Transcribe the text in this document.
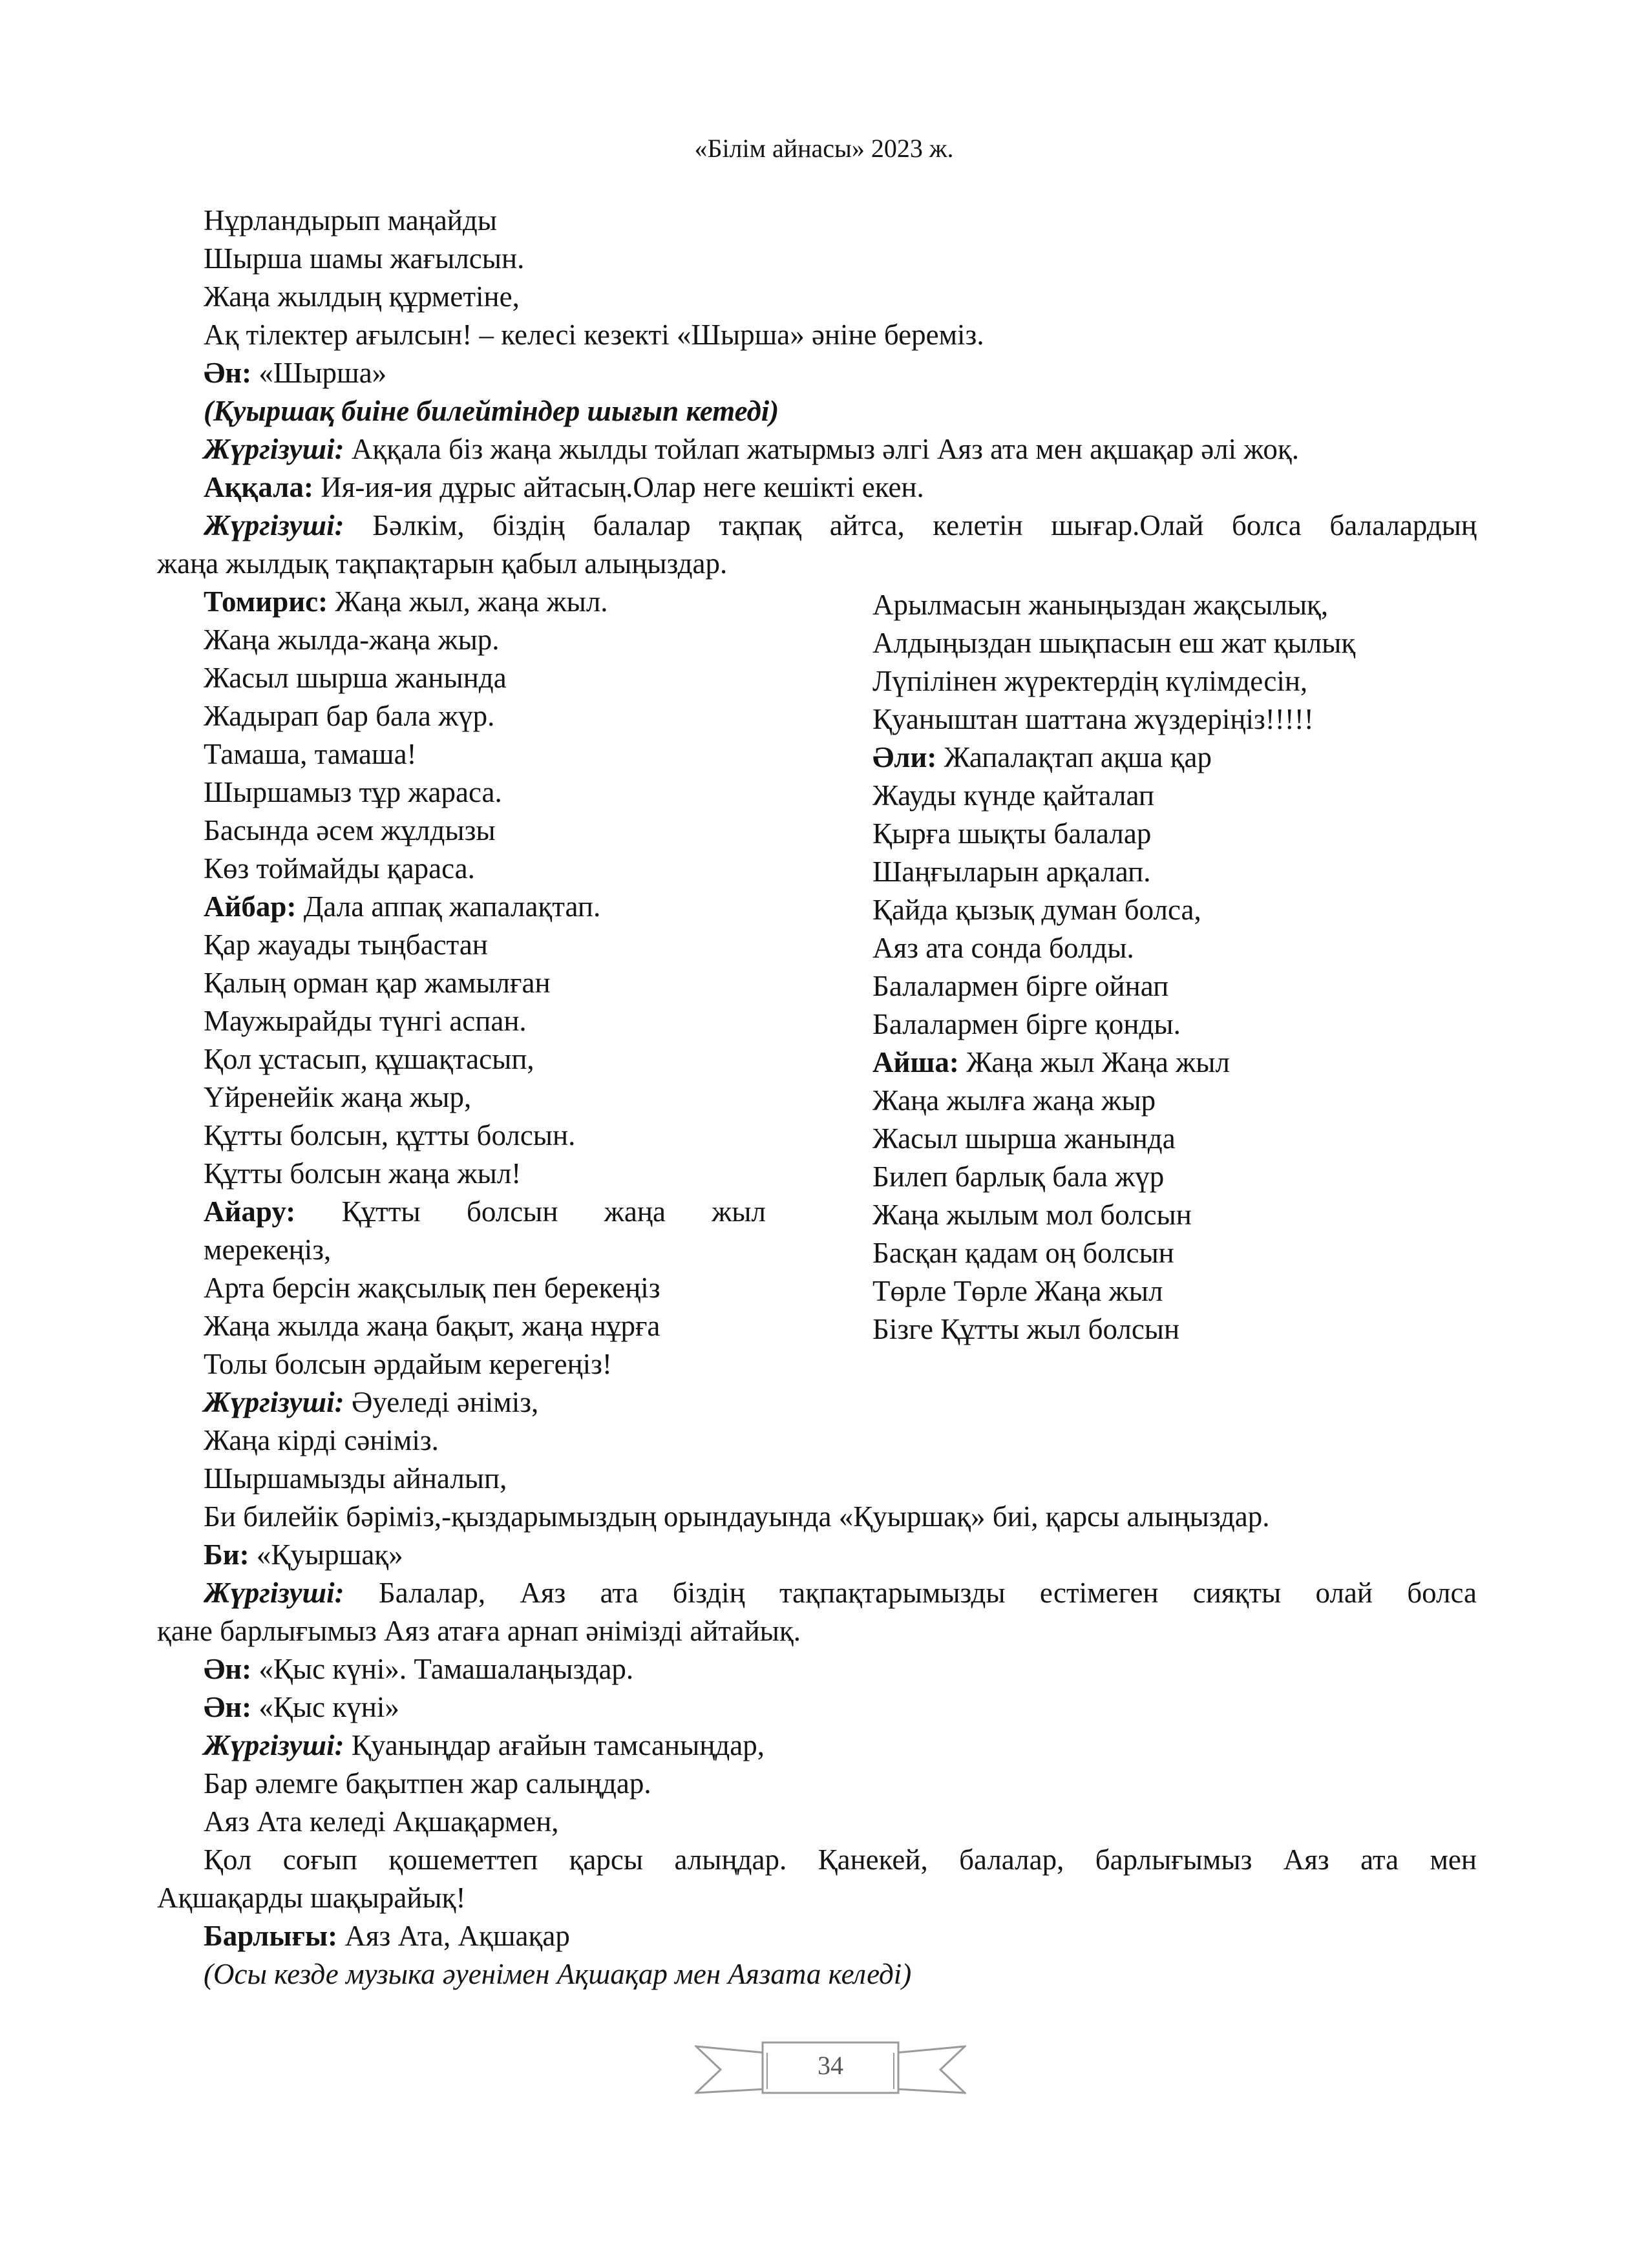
«Білім айнасы» 2023 ж.
Нұрландырып маңайды
Шырша шамы жағылсын.
Жаңа жылдың құрметіне,
Ақ тілектер ағылсын! – келесі кезекті «Шырша» әніне береміз.
Ән: «Шырша»
(Қуыршақ биіне билейтіндер шығып кетеді)
Жүргізуші: Аққала біз жаңа жылды тойлап жатырмыз әлгі Аяз ата мен ақшақар әлі жоқ.
Аққала: Ия-ия-ия дұрыс айтасың.Олар неге кешікті екен.
Жүргізуші: Бәлкім, біздің балалар тақпақ айтса, келетін шығар.Олай болса балалардың
жаңа жылдық тақпақтарын қабыл алыңыздар.
Томирис: Жаңа жыл, жаңа жыл.
Жаңа жылда-жаңа жыр.
Жасыл шырша жанында
Жадырап бар бала жүр.
Тамаша, тамаша!
Шыршамыз тұр жараса.
Басында әсем жұлдызы
Көз тоймайды қараса.
Айбар: Дала аппақ жапалақтап.
Қар жауады тыңбастан
Қалың орман қар жамылған
Маужырайды түнгі аспан.
Қол ұстасып, құшақтасып,
Үйренейік жаңа жыр,
Құтты болсын, құтты болсын.
Құтты болсын жаңа жыл!
Айару: Құтты болсын жаңа жыл
мерекеңіз,
Арта берсін жақсылық пен берекеңіз
Жаңа жылда жаңа бақыт, жаңа нұрға
Толы болсын әрдайым керегеңіз!
Арылмасын жаныңыздан жақсылық,
Алдыңыздан шықпасын еш жат қылық
Лүпілінен жүректердің күлімдесін,
Қуаныштан шаттана жүздеріңіз!!!!!
Әли: Жапалақтап ақша қар
Жауды күнде қайталап
Қырға шықты балалар
Шаңғыларын арқалап.
Қайда қызық думан болса,
Аяз ата сонда болды.
Балалармен бірге ойнап
Балалармен бірге қонды.
Айша: Жаңа жыл Жаңа жыл
Жаңа жылға жаңа жыр
Жасыл шырша жанында
Билеп барлық бала жүр
Жаңа жылым мол болсын
Басқан қадам оң болсын
Төрле Төрле Жаңа жыл
Бізге Құтты жыл болсын
Жүргізуші: Әуеледі әніміз,
Жаңа кірді сәніміз.
Шыршамызды айналып,
Би билейік бәріміз,-қыздарымыздың орындауында «Қуыршақ» биі, қарсы алыңыздар.
Би: «Қуыршақ»
Жүргізуші: Балалар, Аяз ата біздің тақпақтарымызды естімеген сияқты олай болса
қане барлығымыз Аяз атаға арнап әнімізді айтайық.
Ән: «Қыс күні». Тамашалаңыздар.
Ән: «Қыс күні»
Жүргізуші: Қуаныңдар ағайын тамсаныңдар,
Бар әлемге бақытпен жар салыңдар.
Аяз Ата келеді Ақшақармен,
Қол соғып қошеметтеп қарсы алыңдар. Қанекей, балалар, барлығымыз Аяз ата мен
Ақшақарды шақырайық!
Барлығы: Аяз Ата, Ақшақар
(Осы кезде музыка әуенімен Ақшақар мен Аязата келеді)
34
